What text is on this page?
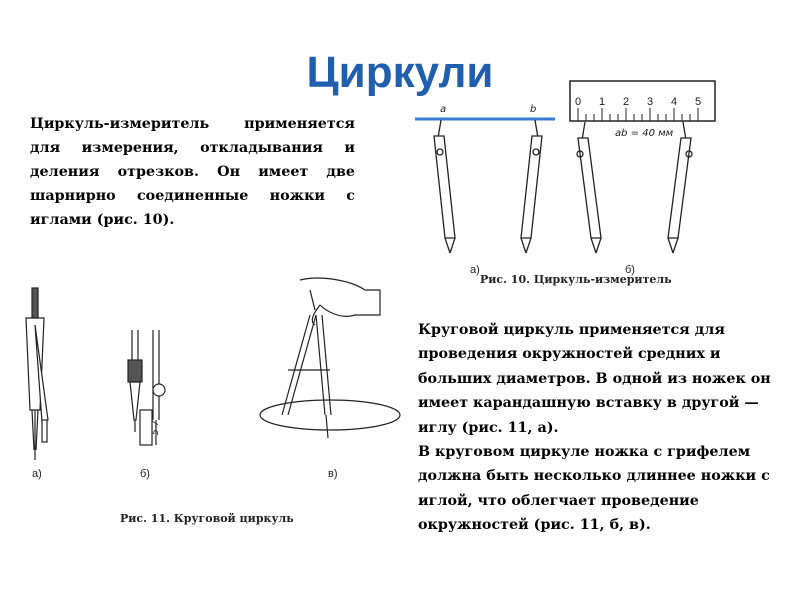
Циркули
Циркуль-измеритель применяется для измерения, откладывания и деления отрезков. Он имеет две шарнирно соединенные ножки с иглами (рис. 10).
a	b
а)
0 1 2 3 4 5
ab = 40 мм
б)
Рис. 10. Циркуль-измеритель
а)
5-7
б)	в)
Рис. 11. Круговой циркуль

Круговой циркуль применяется для проведения окружностей средних и больших диаметров. В одной из ножек он имеет карандашную вставку в другой — иглу (рис. 11, а).

В круговом циркуле ножка с грифелем должна быть несколько длиннее ножки с иглой, что облегчает проведение окружностей (рис. 11, б, в).
